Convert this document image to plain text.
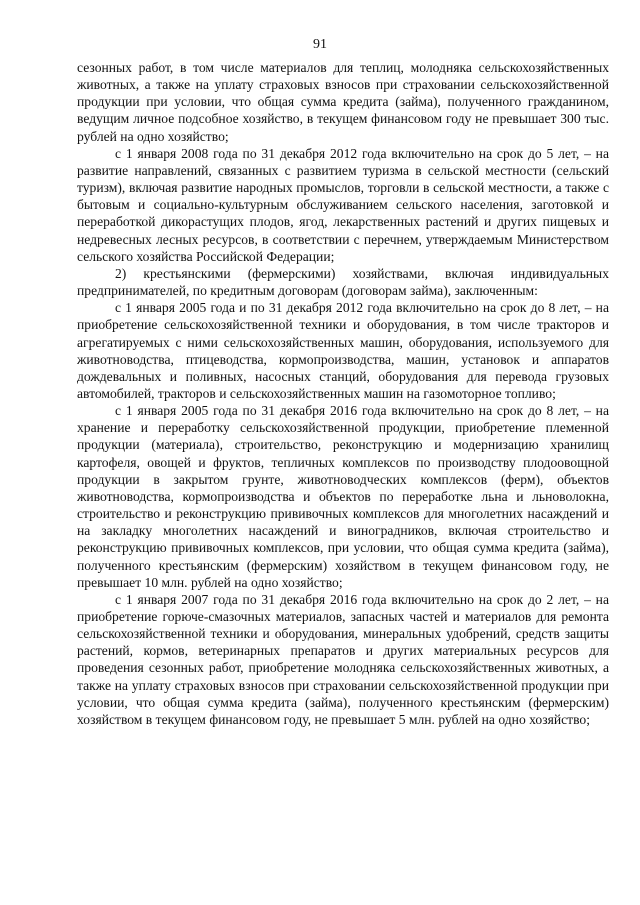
91

сезонных работ, в том числе материалов для теплиц, молодняка сельскохозяйственных животных, а также на уплату страховых взносов при страховании сельскохозяйственной продукции при условии, что общая сумма кредита (займа), полученного гражданином, ведущим личное подсобное хозяйство, в текущем финансовом году не превышает 300 тыс. рублей на одно хозяйство;

с 1 января 2008 года по 31 декабря 2012 года включительно на срок до 5 лет, – на развитие направлений, связанных с развитием туризма в сельской местности (сельский туризм), включая развитие народных промыслов, торговли в сельской местности, а также с бытовым и социально-культурным обслуживанием сельского населения, заготовкой и переработкой дикорастущих плодов, ягод, лекарственных растений и других пищевых и недревесных лесных ресурсов, в соответствии с перечнем, утверждаемым Министерством сельского хозяйства Российской Федерации;

2) крестьянскими (фермерскими) хозяйствами, включая индивидуальных предпринимателей, по кредитным договорам (договорам займа), заключенным:

с 1 января 2005 года и по 31 декабря 2012 года включительно на срок до 8 лет, – на приобретение сельскохозяйственной техники и оборудования, в том числе тракторов и агрегатируемых с ними сельскохозяйственных машин, оборудования, используемого для животноводства, птицеводства, кормопроизводства, машин, установок и аппаратов дождевальных и поливных, насосных станций, оборудования для перевода грузовых автомобилей, тракторов и сельскохозяйственных машин на газомоторное топливо;

с 1 января 2005 года по 31 декабря 2016 года включительно на срок до 8 лет, – на хранение и переработку сельскохозяйственной продукции, приобретение племенной продукции (материала), строительство, реконструкцию и модернизацию хранилищ картофеля, овощей и фруктов, тепличных комплексов по производству плодоовощной продукции в закрытом грунте, животноводческих комплексов (ферм), объектов животноводства, кормопроизводства и объектов по переработке льна и льноволокна, строительство и реконструкцию прививочных комплексов для многолетних насаждений и на закладку многолетних насаждений и виноградников, включая строительство и реконструкцию прививочных комплексов, при условии, что общая сумма кредита (займа), полученного крестьянским (фермерским) хозяйством в текущем финансовом году, не превышает 10 млн. рублей на одно хозяйство;

с 1 января 2007 года по 31 декабря 2016 года включительно на срок до 2 лет, – на приобретение горюче-смазочных материалов, запасных частей и материалов для ремонта сельскохозяйственной техники и оборудования, минеральных удобрений, средств защиты растений, кормов, ветеринарных препаратов и других материальных ресурсов для проведения сезонных работ, приобретение молодняка сельскохозяйственных животных, а также на уплату страховых взносов при страховании сельскохозяйственной продукции при условии, что общая сумма кредита (займа), полученного крестьянским (фермерским) хозяйством в текущем финансовом году, не превышает 5 млн. рублей на одно хозяйство;
